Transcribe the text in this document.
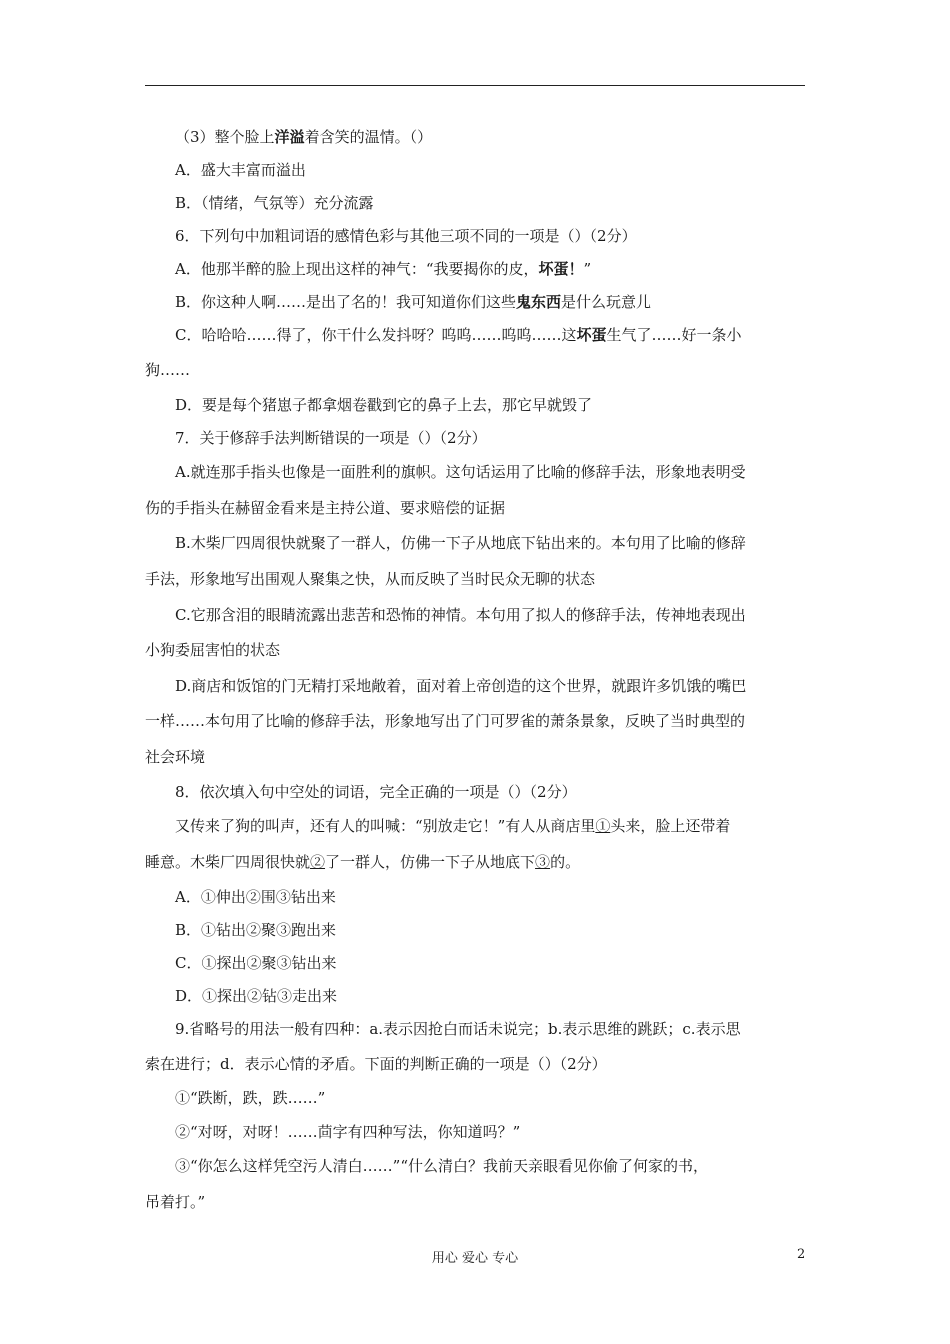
（3）整个脸上洋溢着含笑的温情。（）
A．盛大丰富而溢出
B．（情绪，气氛等）充分流露
6．下列句中加粗词语的感情色彩与其他三项不同的一项是（）（2分）
A．他那半醉的脸上现出这样的神气：“我要揭你的皮，坏蛋！”
B．你这种人啊……是出了名的！我可知道你们这些鬼东西是什么玩意儿
C．哈哈哈……得了，你干什么发抖呀？呜呜……呜呜……这坏蛋生气了……好一条小
狗……
D．要是每个猪崽子都拿烟卷戳到它的鼻子上去，那它早就毁了
7．关于修辞手法判断错误的一项是（）（2分）
A.就连那手指头也像是一面胜利的旗帜。这句话运用了比喻的修辞手法，形象地表明受
伤的手指头在赫留金看来是主持公道、要求赔偿的证据
B.木柴厂四周很快就聚了一群人，仿佛一下子从地底下钻出来的。本句用了比喻的修辞
手法，形象地写出围观人聚集之快，从而反映了当时民众无聊的状态
C.它那含泪的眼睛流露出悲苦和恐怖的神情。本句用了拟人的修辞手法，传神地表现出
小狗委屈害怕的状态
D.商店和饭馆的门无精打采地敞着，面对着上帝创造的这个世界，就跟许多饥饿的嘴巴
一样……本句用了比喻的修辞手法，形象地写出了门可罗雀的萧条景象，反映了当时典型的
社会环境
8．依次填入句中空处的词语，完全正确的一项是（）（2分）
又传来了狗的叫声，还有人的叫喊：“别放走它！”有人从商店里①头来，脸上还带着
睡意。木柴厂四周很快就②了一群人，仿佛一下子从地底下③的。
A．①伸出②围③钻出来
B．①钻出②聚③跑出来
C．①探出②聚③钻出来
D．①探出②钻③走出来
9.省略号的用法一般有四种：a.表示因抢白而话未说完；b.表示思维的跳跃；c.表示思
索在进行；d．表示心情的矛盾。下面的判断正确的一项是（）（2分）
①“跌断，跌，跌……”
②“对呀，对呀！……茴字有四种写法，你知道吗？”
③“你怎么这样凭空污人清白……”“什么清白？我前天亲眼看见你偷了何家的书，
吊着打。”
用心 爱心 专心	2
